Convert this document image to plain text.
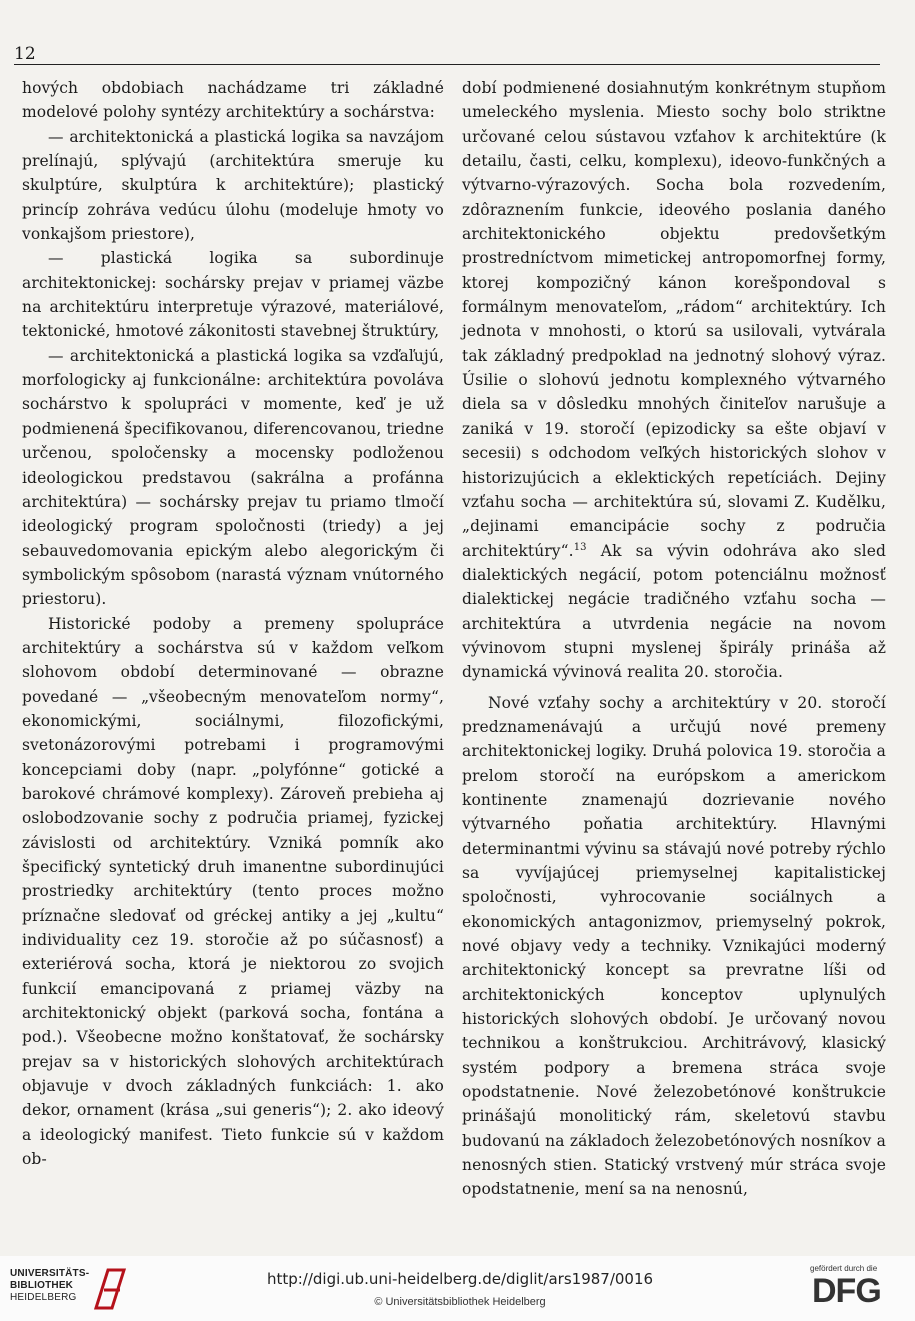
12

hových obdobiach nachádzame tri základné modelové polohy syntézy architektúry a sochárstva:

— architektonická a plastická logika sa navzájom prelínajú, splývajú (architektúra smeruje ku skulptúre, skulptúra k architektúre); plastický princíp zohráva vedúcu úlohu (modeluje hmoty vo vonkajšom priestore),

— plastická logika sa subordinuje architektonickej: sochársky prejav v priamej väzbe na architektúru interpretuje výrazové, materiálové, tektonické, hmotové zákonitosti stavebnej štruktúry,

— architektonická a plastická logika sa vzďaľujú, morfologicky aj funkcionálne: architektúra povoláva sochárstvo k spolupráci v momente, keď je už podmienená špecifikovanou, diferencovanou, triedne určenou, spoločensky a mocensky podloženou ideologickou predstavou (sakrálna a profánna architektúra) — sochársky prejav tu priamo tlmočí ideologický program spoločnosti (triedy) a jej sebauvedomovania epickým alebo alegorickým či symbolickým spôsobom (narastá význam vnútorného priestoru).

Historické podoby a premeny spolupráce architektúry a sochárstva sú v každom veľkom slohovom období determinované — obrazne povedané — „všeobecným menovateľom normy“, ekonomickými, sociálnymi, filozofickými, svetonázorovými potrebami i programovými koncepciami doby (napr. „polyfónne“ gotické a barokové chrámové komplexy). Zároveň prebieha aj oslobodzovanie sochy z područia priamej, fyzickej závislosti od architektúry. Vzniká pomník ako špecifický syntetický druh imanentne subordinujúci prostriedky architektúry (tento proces možno príznačne sledovať od gréckej antiky a jej „kultu“ individuality cez 19. storočie až po súčasnosť) a exteriérová socha, ktorá je niektorou zo svojich funkcií emancipovaná z priamej väzby na architektonický objekt (parková socha, fontána a pod.). Všeobecne možno konštatovať, že sochársky prejav sa v historických slohových architektúrach objavuje v dvoch základných funkciách: 1. ako dekor, ornament (krása „sui generis“); 2. ako ideový a ideologický manifest. Tieto funkcie sú v každom ob-

dobí podmienené dosiahnutým konkrétnym stupňom umeleckého myslenia. Miesto sochy bolo striktne určované celou sústavou vzťahov k architektúre (k detailu, časti, celku, komplexu), ideovo-funkčných a výtvarno-výrazových. Socha bola rozvedením, zdôraznením funkcie, ideového poslania daného architektonického objektu predovšetkým prostredníctvom mimetickej antropomorfnej formy, ktorej kompozičný kánon korešpondoval s formálnym menovateľom, „rádom“ architektúry. Ich jednota v mnohosti, o ktorú sa usilovali, vytvárala tak základný predpoklad na jednotný slohový výraz. Úsilie o slohovú jednotu komplexného výtvarného diela sa v dôsledku mnohých činiteľov narušuje a zaniká v 19. storočí (epizodicky sa ešte objaví v secesii) s odchodom veľkých historických slohov v historizujúcich a eklektických repetíciách. Dejiny vzťahu socha — architektúra sú, slovami Z. Kudělku, „dejinami emancipácie sochy z područia architektúry“.$^{13}$ Ak sa vývin odohráva ako sled dialektických negácií, potom potenciálnu možnosť dialektickej negácie tradičného vzťahu socha — architektúra a utvrdenia negácie na novom vývinovom stupni myslenej špirály prináša až dynamická vývinová realita 20. storočia.

Nové vzťahy sochy a architektúry v 20. storočí predznamenávajú a určujú nové premeny architektonickej logiky. Druhá polovica 19. storočia a prelom storočí na európskom a americkom kontinente znamenajú dozrievanie nového výtvarného poňatia architektúry. Hlavnými determinantmi vývinu sa stávajú nové potreby rýchlo sa vyvíjajúcej priemyselnej kapitalistickej spoločnosti, vyhrocovanie sociálnych a ekonomických antagonizmov, priemyselný pokrok, nové objavy vedy a techniky. Vznikajúci moderný architektonický koncept sa prevratne líši od architektonických konceptov uplynulých historických slohových období. Je určovaný novou technikou a konštrukciou. Architrávový, klasický systém podpory a bremena stráca svoje opodstatnenie. Nové železobetónové konštrukcie prinášajú monolitický rám, skeletovú stavbu budovanú na základoch železobetónových nosníkov a nenosných stien. Statický vrstvený múr stráca svoje opodstatnenie, mení sa na nenosnú,

UNIVERSITÄTS-
BIBLIOTHEK
HEIDELBERG
http://digi.ub.uni-heidelberg.de/diglit/ars1987/0016
© Universitätsbibliothek Heidelberg
gefördert durch die
DFG
